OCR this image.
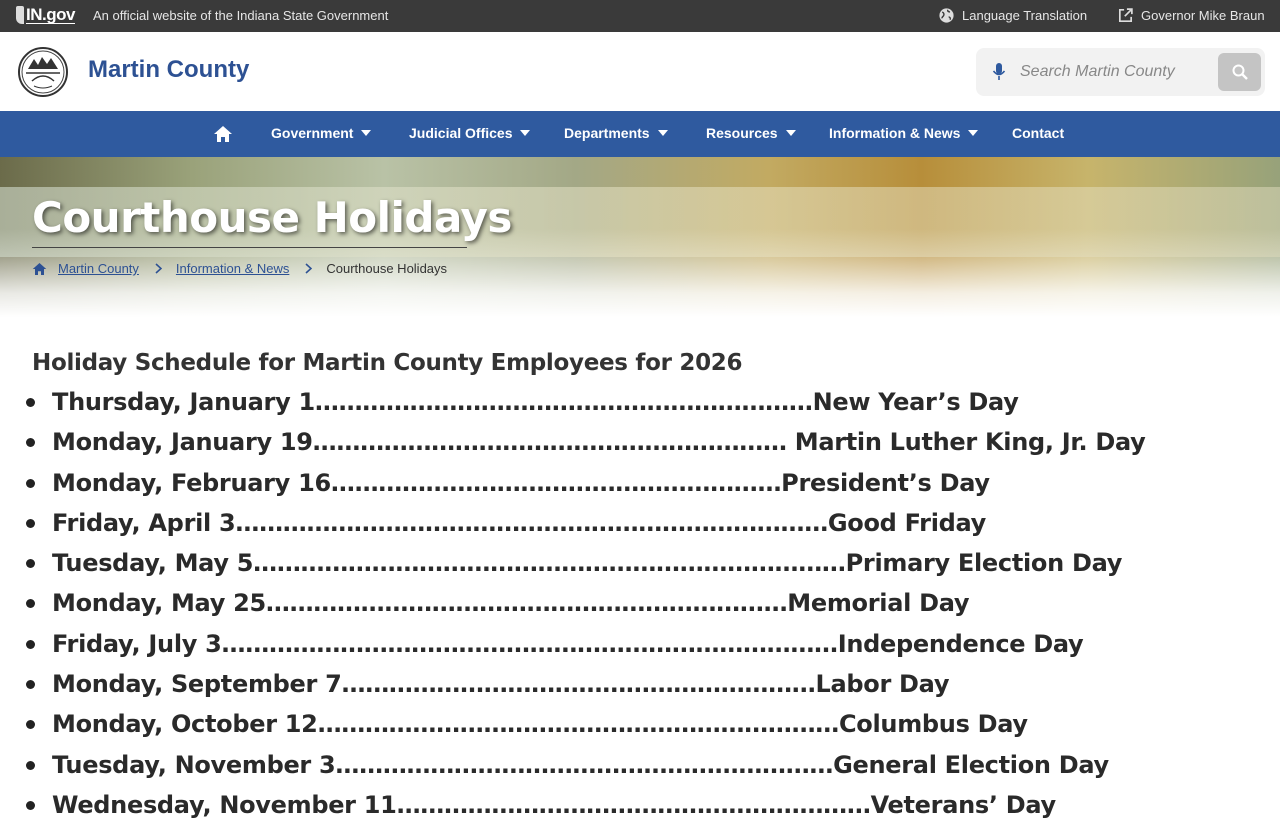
IN.gov An official website of the Indiana State Government	Language Translation	Governor Mike Braun
Martin County
Search Martin County
Government	Judicial Offices	Departments	Resources	Information & News	Contact
Courthouse Holidays
Martin County	Information & News	Courthouse Holidays
Holiday Schedule for Martin County Employees for 2026
Thursday, January 1………………………………………………………New Year’s Day
Monday, January 19…………………………………………………… Martin Luther King, Jr. Day
Monday, February 16…………………………………………………President’s Day
Friday, April 3…………………………………………………………………Good Friday
Tuesday, May 5…………………………………………………………………Primary Election Day
Monday, May 25…………………………………………………………Memorial Day
Friday, July 3……………………………………………………………………Independence Day
Monday, September 7……………………………………………………Labor Day
Monday, October 12…………………………………………………………Columbus Day
Tuesday, November 3………………………………………………………General Election Day
Wednesday, November 11……………………………………………………Veterans’ Day
